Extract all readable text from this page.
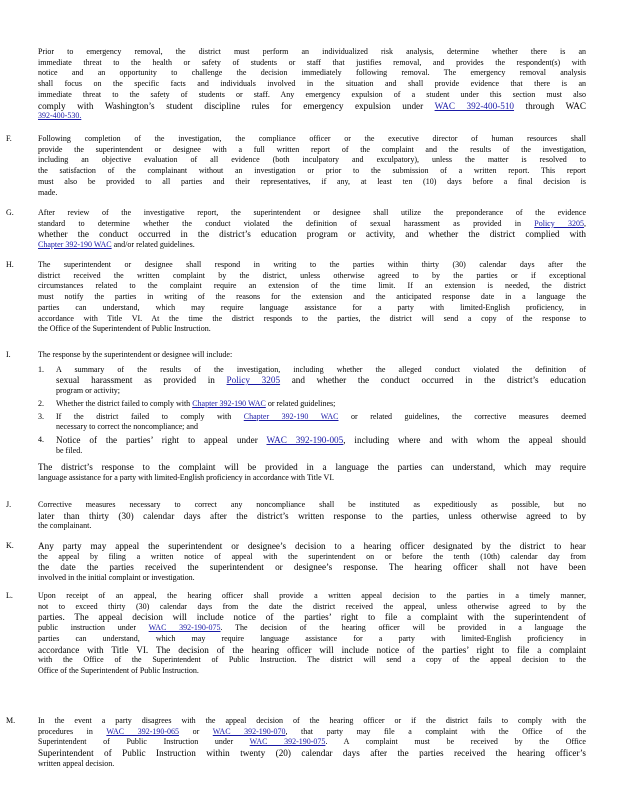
Prior to emergency removal, the district must perform an individualized risk analysis, determine whether there is an
immediate threat to the health or safety of students or staff that justifies removal, and provides the respondent(s) with
notice and an opportunity to challenge the decision immediately following removal. The emergency removal analysis
shall focus on the specific facts and individuals involved in the situation and shall provide evidence that there is an
immediate threat to the safety of students or staff. Any emergency expulsion of a student under this section must also
comply with Washington’s student discipline rules for emergency expulsion under WAC 392-400-510 through WAC
392-400-530.
F.	Following completion of the investigation, the compliance officer or the executive director of human resources shall
provide the superintendent or designee with a full written report of the complaint and the results of the investigation,
including an objective evaluation of all evidence (both inculpatory and exculpatory), unless the matter is resolved to
the satisfaction of the complainant without an investigation or prior to the submission of a written report. This report
must also be provided to all parties and their representatives, if any, at least ten (10) days before a final decision is
made.
G.	After review of the investigative report, the superintendent or designee shall utilize the preponderance of the evidence
standard to determine whether the conduct violated the definition of sexual harassment as provided in Policy 3205,
whether the conduct occurred in the district’s education program or activity, and whether the district complied with
Chapter 392-190 WAC and/or related guidelines.
H.	The superintendent or designee shall respond in writing to the parties within thirty (30) calendar days after the
district received the written complaint by the district, unless otherwise agreed to by the parties or if exceptional
circumstances related to the complaint require an extension of the time limit. If an extension is needed, the district
must notify the parties in writing of the reasons for the extension and the anticipated response date in a language the
parties can understand, which may require language assistance for a party with limited-English proficiency, in
accordance with Title VI. At the time the district responds to the parties, the district will send a copy of the response to
the Office of the Superintendent of Public Instruction.
I.	The response by the superintendent or designee will include:
1. A summary of the results of the investigation, including whether the alleged conduct violated the definition of
sexual harassment as provided in Policy 3205 and whether the conduct occurred in the district’s education
program or activity;
2. Whether the district failed to comply with Chapter 392-190 WAC or related guidelines;
3. If the district failed to comply with Chapter 392-190 WAC or related guidelines, the corrective measures deemed
necessary to correct the noncompliance; and
4. Notice of the parties’ right to appeal under WAC 392-190-005, including where and with whom the appeal should
be filed.
The district’s response to the complaint will be provided in a language the parties can understand, which may require
language assistance for a party with limited-English proficiency in accordance with Title VI.
J.	Corrective measures necessary to correct any noncompliance shall be instituted as expeditiously as possible, but no
later than thirty (30) calendar days after the district’s written response to the parties, unless otherwise agreed to by
the complainant.
K.	Any party may appeal the superintendent or designee’s decision to a hearing officer designated by the district to hear
the appeal by filing a written notice of appeal with the superintendent on or before the tenth (10th) calendar day from
the date the parties received the superintendent or designee’s response. The hearing officer shall not have been
involved in the initial complaint or investigation.
L.	Upon receipt of an appeal, the hearing officer shall provide a written appeal decision to the parties in a timely manner,
not to exceed thirty (30) calendar days from the date the district received the appeal, unless otherwise agreed to by the
parties. The appeal decision will include notice of the parties’ right to file a complaint with the superintendent of
public instruction under WAC 392-190-075. The decision of the hearing officer will be provided in a language the
parties can understand, which may require language assistance for a party with limited-English proficiency in
accordance with Title VI. The decision of the hearing officer will include notice of the parties’ right to file a complaint
with the Office of the Superintendent of Public Instruction. The district will send a copy of the appeal decision to the
Office of the Superintendent of Public Instruction.
M.	In the event a party disagrees with the appeal decision of the hearing officer or if the district fails to comply with the
procedures in WAC 392-190-065 or WAC 392-190-070, that party may file a complaint with the Office of the
Superintendent of Public Instruction under WAC 392-190-075. A complaint must be received by the Office
Superintendent of Public Instruction within twenty (20) calendar days after the parties received the hearing officer’s
written appeal decision.
